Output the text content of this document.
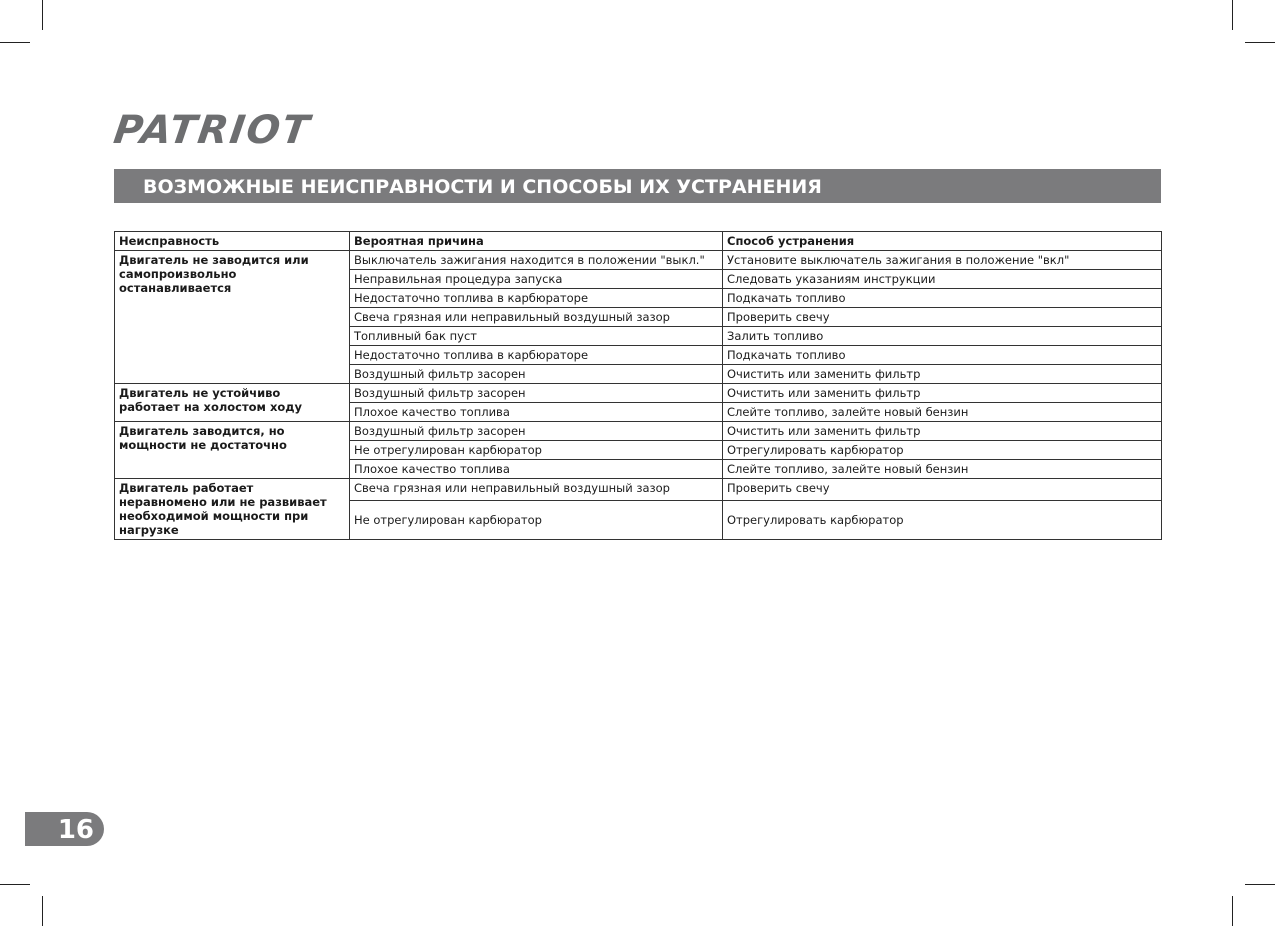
PATRIOT
ВОЗМОЖНЫЕ НЕИСПРАВНОСТИ И СПОСОБЫ ИХ УСТРАНЕНИЯ
Неисправность	Вероятная причина	Способ устранения
Двигатель не заводится или самопроизвольно останавливается	Выключатель зажигания находится в положении "выкл."	Установите выключатель зажигания в положение "вкл"
	Неправильная процедура запуска	Следовать указаниям инструкции
	Недостаточно топлива в карбюраторе	Подкачать топливо
	Свеча грязная или неправильный воздушный зазор	Проверить свечу
	Топливный бак пуст	Залить топливо
	Недостаточно топлива в карбюраторе	Подкачать топливо
	Воздушный фильтр засорен	Очистить или заменить фильтр
Двигатель не устойчиво работает на холостом ходу	Воздушный фильтр засорен	Очистить или заменить фильтр
	Плохое качество топлива	Слейте топливо, залейте новый бензин
Двигатель заводится, но мощности не достаточно	Воздушный фильтр засорен	Очистить или заменить фильтр
	Не отрегулирован карбюратор	Отрегулировать карбюратор
	Плохое качество топлива	Слейте топливо, залейте новый бензин
Двигатель работает неравномено или не развивает необходимой мощности при нагрузке	Свеча грязная или неправильный воздушный зазор	Проверить свечу
	Не отрегулирован карбюратор	Отрегулировать карбюратор
16
